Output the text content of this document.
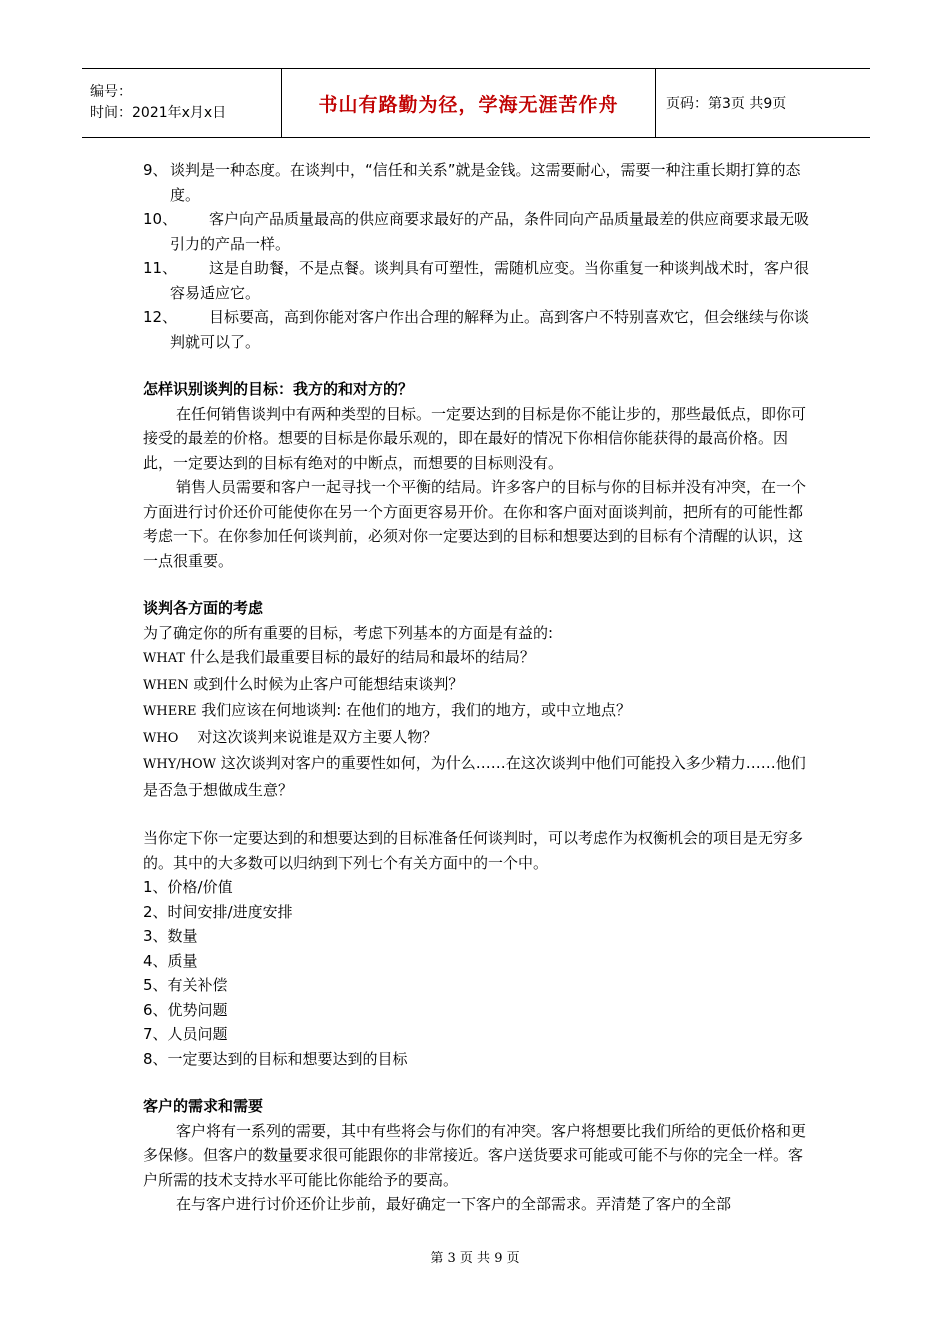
编号：
时间：2021年x月x日	书山有路勤为径，学海无涯苦作舟	页码：第3页 共9页

9、 谈判是一种态度。在谈判中，“信任和关系”就是金钱。这需要耐心，需要一种注重长期打算的态度。

10、 客户向产品质量最高的供应商要求最好的产品，条件同向产品质量最差的供应商要求最无吸引力的产品一样。

11、 这是自助餐，不是点餐。谈判具有可塑性，需随机应变。当你重复一种谈判战术时，客户很容易适应它。

12、 目标要高，高到你能对客户作出合理的解释为止。高到客户不特别喜欢它，但会继续与你谈判就可以了。

怎样识别谈判的目标：我方的和对方的？

在任何销售谈判中有两种类型的目标。一定要达到的目标是你不能让步的，那些最低点，即你可接受的最差的价格。想要的目标是你最乐观的，即在最好的情况下你相信你能获得的最高价格。因此，一定要达到的目标有绝对的中断点，而想要的目标则没有。

销售人员需要和客户一起寻找一个平衡的结局。许多客户的目标与你的目标并没有冲突，在一个方面进行讨价还价可能使你在另一个方面更容易开价。在你和客户面对面谈判前，把所有的可能性都考虑一下。在你参加任何谈判前，必须对你一定要达到的目标和想要达到的目标有个清醒的认识，这一点很重要。

谈判各方面的考虑

为了确定你的所有重要的目标，考虑下列基本的方面是有益的:

WHAT 什么是我们最重要目标的最好的结局和最坏的结局？

WHEN 或到什么时候为止客户可能想结束谈判？

WHERE 我们应该在何地谈判: 在他们的地方，我们的地方，或中立地点？

WHO    对这次谈判来说谁是双方主要人物？

WHY/HOW 这次谈判对客户的重要性如何，为什么……在这次谈判中他们可能投入多少精力……他们是否急于想做成生意？

当你定下你一定要达到的和想要达到的目标准备任何谈判时，可以考虑作为权衡机会的项目是无穷多的。其中的大多数可以归纳到下列七个有关方面中的一个中。

1、价格/价值

2、时间安排/进度安排

3、数量

4、质量

5、有关补偿

6、优势问题

7、人员问题

8、一定要达到的目标和想要达到的目标

客户的需求和需要

客户将有一系列的需要，其中有些将会与你们的有冲突。客户将想要比我们所给的更低价格和更多保修。但客户的数量要求很可能跟你的非常接近。客户送货要求可能或可能不与你的完全一样。客户所需的技术支持水平可能比你能给予的要高。

在与客户进行讨价还价让步前，最好确定一下客户的全部需求。弄清楚了客户的全部

第 3 页 共 9 页
